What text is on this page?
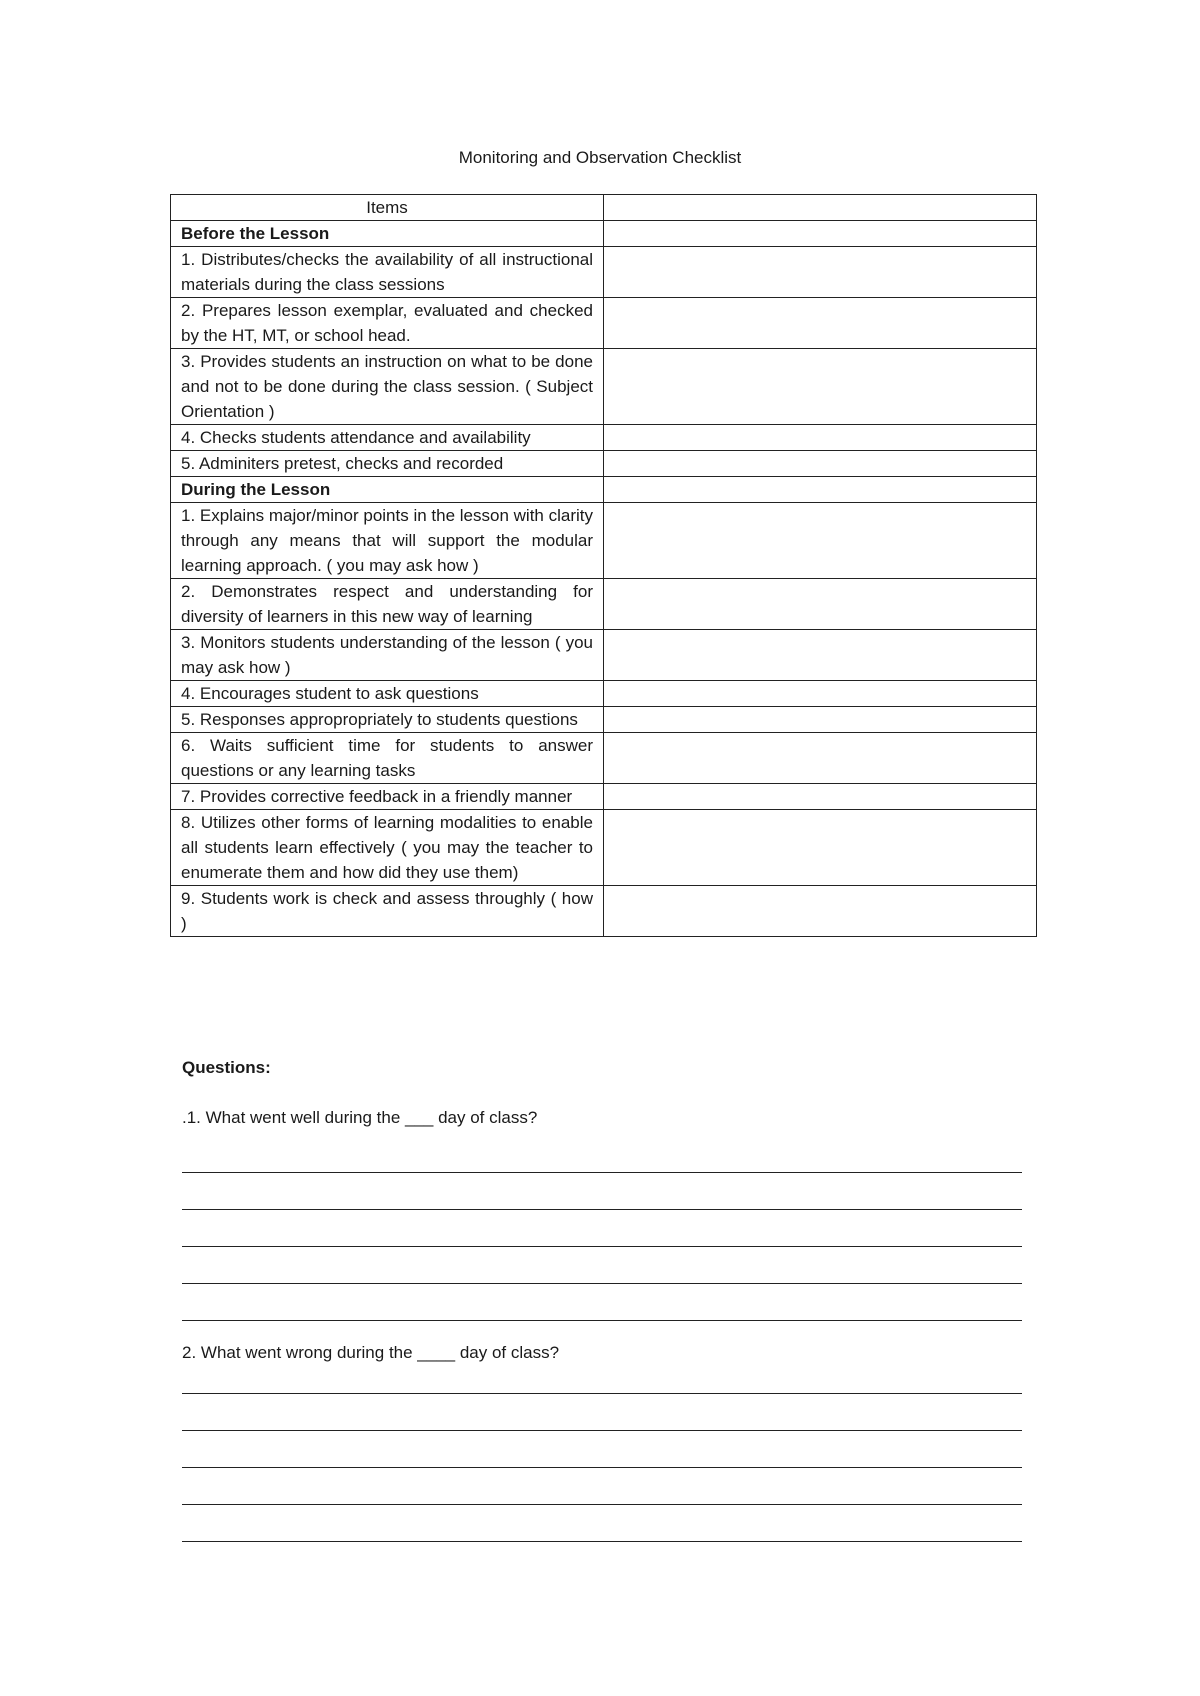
Monitoring and Observation Checklist
Items	
Before the Lesson	
1. Distributes/checks the availability of all instructional materials during the class sessions	
2. Prepares lesson exemplar, evaluated and checked by the HT, MT, or school head.	
3. Provides students an instruction on what to be done and not to be done during the class session. ( Subject Orientation )	
4. Checks students attendance and availability	
5. Adminiters pretest, checks and recorded	
During the Lesson	
1. Explains major/minor points in the lesson with clarity through any means that will support the modular learning approach. ( you may ask how )	
2. Demonstrates respect and understanding for diversity of learners in this new way of learning	
3. Monitors students understanding of the lesson ( you may ask how )	
4. Encourages student to ask questions	
5. Responses appropropriately to students questions	
6. Waits sufficient time for students to answer questions or any learning tasks	
7. Provides corrective feedback in a friendly manner	
8. Utilizes other forms of learning modalities to enable all students learn effectively ( you may the teacher to enumerate them and how did they use them)	
9. Students work is check and assess throughly ( how )	
Questions:
.1. What went well during the ___ day of class?
2. What went wrong during the ____ day of class?
